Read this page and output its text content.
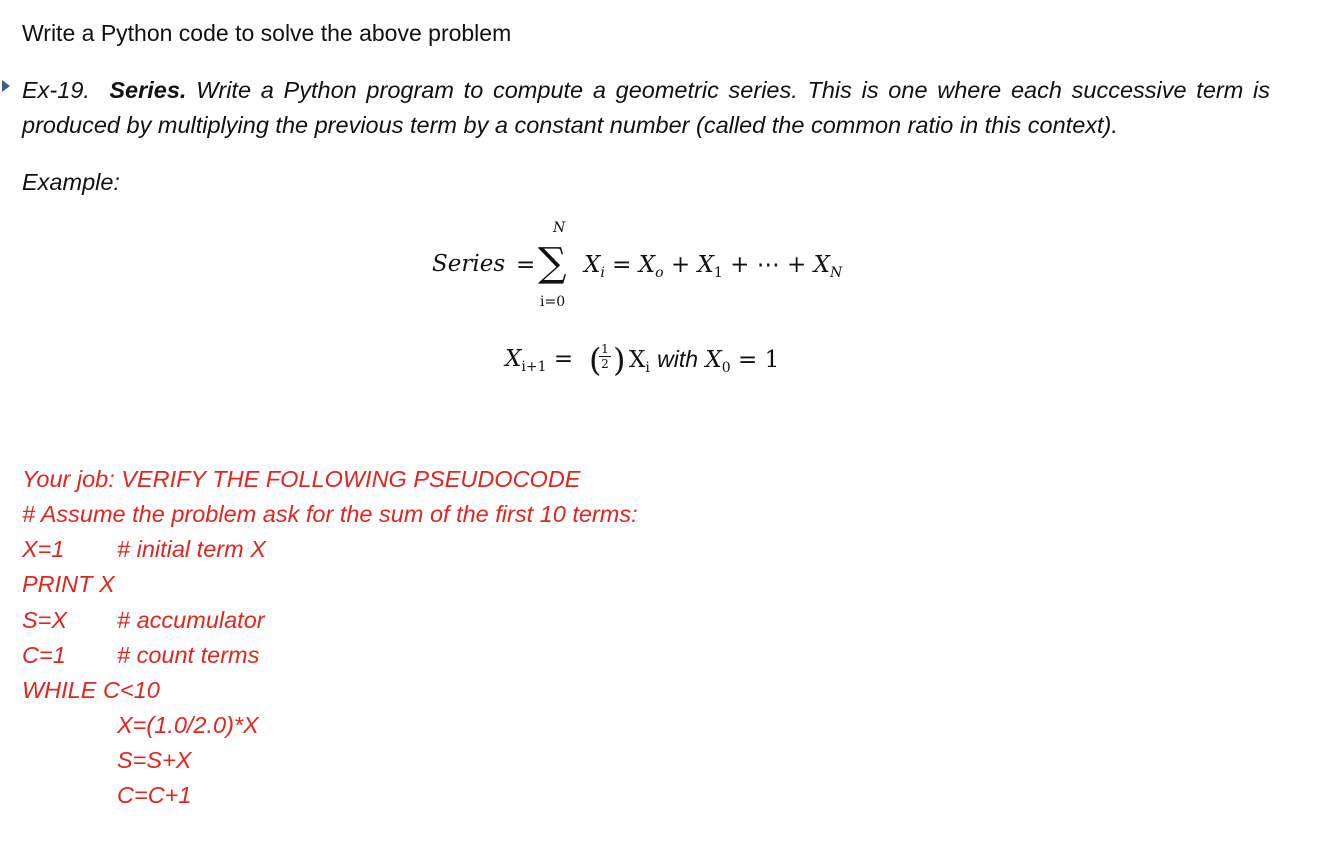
Write a Python code to solve the above problem
Ex-19. Series. Write a Python program to compute a geometric series. This is one where each successive term is produced by multiplying the previous term by a constant number (called the common ratio in this context).
Example:
Series =
N
∑
i=0
$X_i = X_o + X_1$ + ⋯ + $X_N$
$X_{i+1}$ = (
$\frac{1}{2}$ ) $X_i$ with $X_0 = 1$
Your job: VERIFY THE FOLLOWING PSEUDOCODE
# Assume the problem ask for the sum of the first 10 terms:
X=1 # initial term X
PRINT X
S=X # accumulator
C=1 # count terms
WHILE C<10
X=(1.0/2.0)*X
S=S+X
C=C+1
